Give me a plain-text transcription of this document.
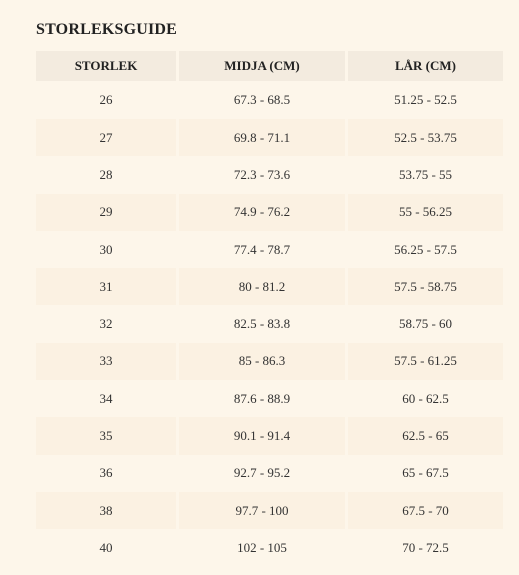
STORLEKSGUIDE
STORLEK	MIDJA (CM)	LÅR (CM)
26	67.3 - 68.5	51.25 - 52.5
27	69.8 - 71.1	52.5 - 53.75
28	72.3 - 73.6	53.75 - 55
29	74.9 - 76.2	55 - 56.25
30	77.4 - 78.7	56.25 - 57.5
31	80 - 81.2	57.5 - 58.75
32	82.5 - 83.8	58.75 - 60
33	85 - 86.3	57.5 - 61.25
34	87.6 - 88.9	60 - 62.5
35	90.1 - 91.4	62.5 - 65
36	92.7 - 95.2	65 - 67.5
38	97.7 - 100	67.5 - 70
40	102 - 105	70 - 72.5
